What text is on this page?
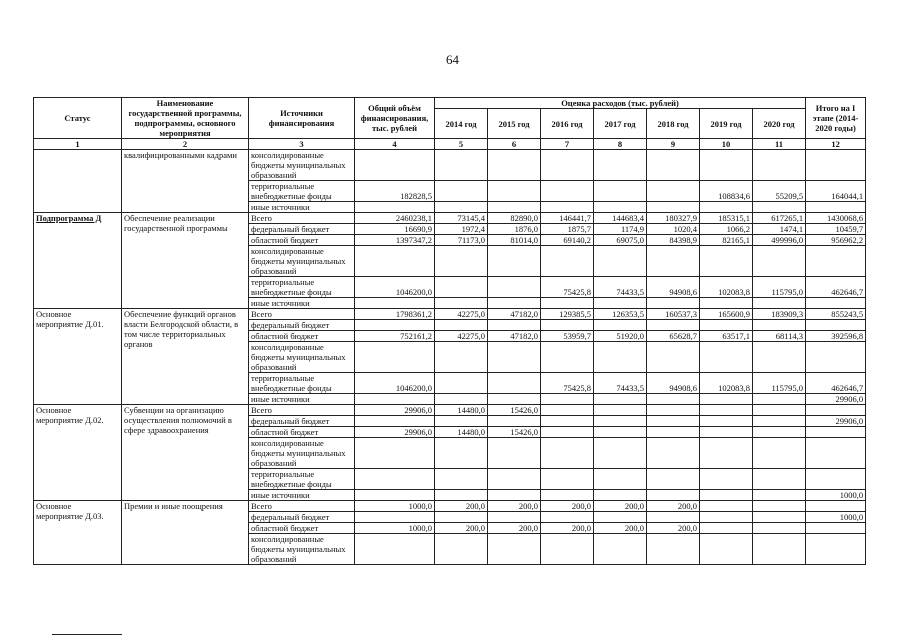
64
Статус	Наименование государственной программы, подпрограммы, основного мероприятия	Источники финансирования	Общий объём финансирования, тыс. рублей	Оценка расходов (тыс. рублей)							Итого на I этапе (2014-2020 годы)
				2014 год	2015 год	2016 год	2017 год	2018 год	2019 год	2020 год	
1	2	3	4	5	6	7	8	9	10	11	12
	квалифицированными кадрами	консолидированные бюджеты муниципальных образований									
		территориальные внебюджетные фонды	182828,5						108834,6	55209,5	164044,1
		иные источники									
Подпрограмма Д	Обеспечение реализации государственной программы	Всего	2460238,1	73145,4	82890,0	146441,7	144683,4	180327,9	185315,1	617265,1	1430068,6
		федеральный бюджет	16690,9	1972,4	1876,0	1875,7	1174,9	1020,4	1066,2	1474,1	10459,7
		областной бюджет	1397347,2	71173,0	81014,0	69140,2	69075,0	84398,9	82165,1	499996,0	956962,2
		консолидированные бюджеты муниципальных образований									
		территориальные внебюджетные фонды	1046200,0			75425,8	74433,5	94908,6	102083,8	115795,0	462646,7
		иные источники									
Основное мероприятие Д.01.	Обеспечение функций органов власти Белгородской области, в том числе территориальных органов	Всего	1798361,2	42275,0	47182,0	129385,5	126353,5	160537,3	165600,9	183909,3	855243,5
		федеральный бюджет									
		областной бюджет	752161,2	42275,0	47182,0	53959,7	51920,0	65628,7	63517,1	68114,3	392596,8
		консолидированные бюджеты муниципальных образований									
		территориальные внебюджетные фонды	1046200,0			75425,8	74433,5	94908,6	102083,8	115795,0	462646,7
		иные источники									29906,0
Основное мероприятие Д.02.	Субвенции на организацию осуществления полномочий в сфере здравоохранения	Всего	29906,0	14480,0	15426,0						
		федеральный бюджет									29906,0
		областной бюджет	29906,0	14480,0	15426,0						
		консолидированные бюджеты муниципальных образований									
		территориальные внебюджетные фонды									
		иные источники									1000,0
Основное мероприятие Д.03.	Премии и иные поощрения	Всего	1000,0	200,0	200,0	200,0	200,0	200,0			
		федеральный бюджет									1000,0
		областной бюджет	1000,0	200,0	200,0	200,0	200,0	200,0			
		консолидированные бюджеты муниципальных образований									
